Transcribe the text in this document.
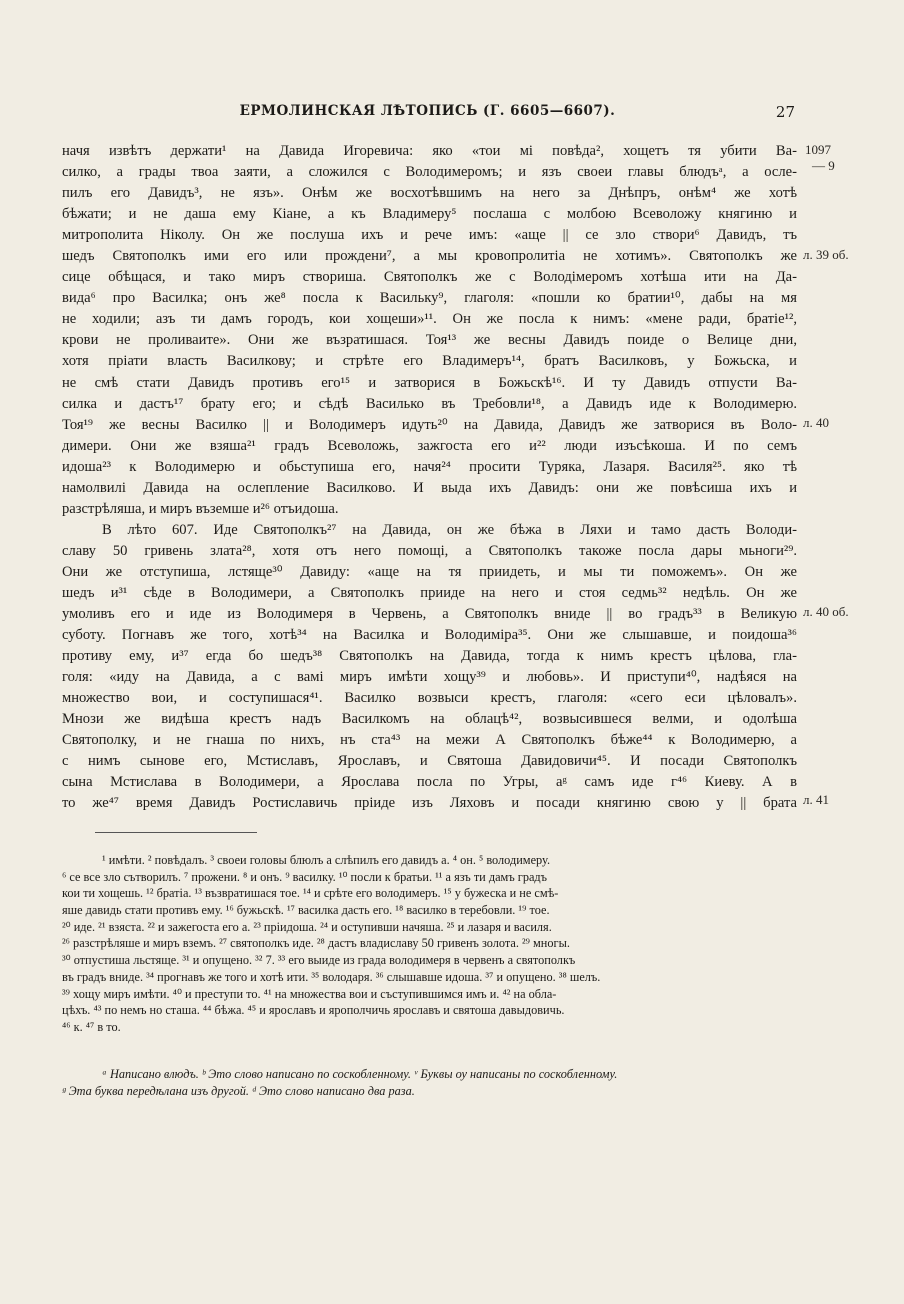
ЕРМОЛИНСКАЯ ЛѢТОПИСЬ (Г. 6605—6607).	27
начя извѣтъ держати¹ на Давида Игоревича: яко «тои мі повѣда², хощетъ тя убити Ва-
силко, а грады твоа заяти, а сложился с Володимеромъ; и язъ своеи главы блюдъᵃ, а осле-
пилъ его Давидъ³, не язъ». Онѣм же восхотѣвшимъ на него за Днѣпръ, онѣм⁴ же хотѣ
бѣжати; и не даша ему Кіане, а къ Владимеру⁵ послаша с молбою Всеволожу княгиню и
митрополита Ніколу. Он же послуша ихъ и рече имъ: «аще || се зло створи⁶ Давидъ, тъ
шедъ Святополкъ ими его или прождени⁷, а мы кровопролитіа не хотимъ». Святополкъ же
сице обѣщася, и тако миръ створиша. Святополкъ же с Володімеромъ хотѣша ити на Да-
вида⁶ про Василка; онъ же⁸ посла к Васильку⁹, глаголя: «пошли ко братии¹⁰, дабы на мя
не ходили; азъ ти дамъ городъ, кои хощеши»¹¹. Он же посла к нимъ: «мене ради, братіе¹²,
крови не проливаите». Они же възратишася. Тоя¹³ же весны Давидъ поиде о Велице дни,
хотя пріати власть Василкову; и стрѣте его Владимеръ¹⁴, братъ Василковъ, у Божьска, и
не смѣ стати Давидъ противъ его¹⁵ и затворися в Божьскѣ¹⁶. И ту Давидъ отпусти Ва-
силка и дастъ¹⁷ брату его; и сѣдѣ Василько въ Требовли¹⁸, а Давидъ иде к Володимерю.
Тоя¹⁹ же весны Василко || и Володимеръ идуть²⁰ на Давида, Давидъ же затворися въ Воло-
димери. Они же взяша²¹ градъ Всеволожь, зажгоста его и²² люди изъсѣкоша. И по семъ
идоша²³ к Володимерю и обьступиша его, начя²⁴ просити Туряка, Лазаря. Василя²⁵. яко тѣ
намолвилі Давида на ослепление Василково. И выда ихъ Давидъ: они же повѣсиша ихъ и
разстрѣляша, и миръ въземше и²⁶ отъидоша.
В лѣто 607. Иде Святополкъ²⁷ на Давида, он же бѣжа в Ляхи и тамо дасть Володи-
славу 50 гривень злата²⁸, хотя отъ него помощі, а Святополкъ такоже посла дары мьноги²⁹.
Они же отступиша, лстяще³⁰ Давиду: «аще на тя приидеть, и мы ти поможемъ». Он же
шедъ и³¹ сѣде в Володимери, а Святополкъ прииде на него и стоя седмь³² недѣль. Он же
умоливъ его и иде из Володимеря в Червень, а Святополкъ вниде || во градъ³³ в Великую
суботу. Погнавъ же того, хотѣ³⁴ на Василка и Володиміра³⁵. Они же слышавше, и поидоша³⁶
противу ему, и³⁷ егда бо шедъ³⁸ Святополкъ на Давида, тогда к нимъ крестъ цѣлова, гла-
голя: «иду на Давида, а с вамі миръ имѣти хощу³⁹ и любовь». И приступи⁴⁰, надѣяся на
множество вои, и соступишася⁴¹. Василко возвыси крестъ, глаголя: «сего еси цѣловалъ».
Мнози же видѣша крестъ надъ Василкомъ на облацѣ⁴², возвысившеся велми, и одолѣша
Святополку, и не гнаша по нихъ, нъ ста⁴³ на межи А Святополкъ бѣже⁴⁴ к Володимерю, а
с нимъ сынове его, Мстиславъ, Ярославъ, и Святоша Давидовичи⁴⁵. И посади Святополкъ
сына Мстислава в Володимери, а Ярослава посла по Угры, аᵍ самъ иде г⁴⁶ Киеву. А в
то же⁴⁷ время Давидъ Ростиславичь пріиде изъ Ляховъ и посади княгиню свою у || брата
1097
— 9
л. 39 об.
л. 40
л. 40 об.
л. 41
¹ имѣти. ² повѣдалъ. ³ своеи головы блюлъ а слѣпилъ его давидъ а. ⁴ он. ⁵ володимеру.
⁶ се все зло сътворилъ. ⁷ прожени. ⁸ и онъ. ⁹ василку. ¹⁰ посли к братьи. ¹¹ а язъ ти дамъ градъ
кои ти хощешь. ¹² братіа. ¹³ възвратишася тое. ¹⁴ и срѣте его володимеръ. ¹⁵ у бужеска и не смѣ-
яше давидь стати противъ ему. ¹⁶ бужьскѣ. ¹⁷ василка дасть его. ¹⁸ василко в теребовли. ¹⁹ тое.
²⁰ иде. ²¹ взяста. ²² и зажегоста его а. ²³ пріидоша. ²⁴ и оступивши начяша. ²⁵ и лазаря и василя.
²⁶ разстрѣляше и миръ вземъ. ²⁷ святополкъ иде. ²⁸ дастъ владиславу 50 гривенъ золота. ²⁹ многы.
³⁰ отпустиша льстяще. ³¹ и опущено. ³² 7. ³³ его выиде из града володимеря в червенъ а святополкъ
въ градъ вниде. ³⁴ прогнавъ же того и хотѣ ити. ³⁵ володаря. ³⁶ слышавше идоша. ³⁷ и опущено. ³⁸ шелъ.
³⁹ хощу миръ имѣти. ⁴⁰ и преступи то. ⁴¹ на множества вои и съступившимся имъ и. ⁴² на обла-
цѣхъ. ⁴³ по немъ но сташа. ⁴⁴ бѣжа. ⁴⁵ и ярославъ и ярополчичь ярославъ и святоша давыдовичь.
⁴⁶ к. ⁴⁷ в то.
ᵃ Написано влюдъ. ᵇ Это слово написано по соскобленному. ᵛ Буквы оу написаны по соскобленному.
ᵍ Эта буква передѣлана изъ другой. ᵈ Это слово написано два раза.
